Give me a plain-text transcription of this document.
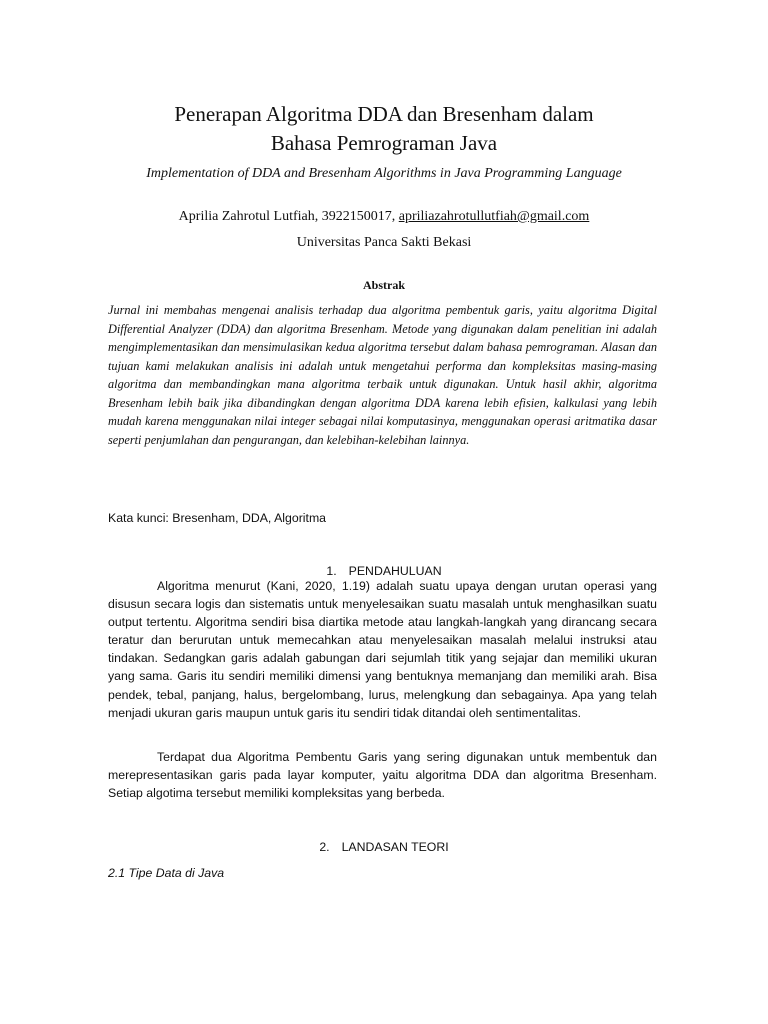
Penerapan Algoritma DDA dan Bresenham dalam
Bahasa Pemrograman Java

Implementation of DDA and Bresenham Algorithms in Java Programming Language

Aprilia Zahrotul Lutfiah, 3922150017, apriliazahrotullutfiah@gmail.com
Universitas Panca Sakti Bekasi
Abstrak

Jurnal ini membahas mengenai analisis terhadap dua algoritma pembentuk garis, yaitu algoritma Digital Differential Analyzer (DDA) dan algoritma Bresenham. Metode yang digunakan dalam penelitian ini adalah mengimplementasikan dan mensimulasikan kedua algoritma tersebut dalam bahasa pemrograman. Alasan dan tujuan kami melakukan analisis ini adalah untuk mengetahui performa dan kompleksitas masing-masing algoritma dan membandingkan mana algoritma terbaik untuk digunakan. Untuk hasil akhir, algoritma Bresenham lebih baik jika dibandingkan dengan algoritma DDA karena lebih efisien, kalkulasi yang lebih mudah karena menggunakan nilai integer sebagai nilai komputasinya, menggunakan operasi aritmatika dasar seperti penjumlahan dan pengurangan, dan kelebihan-kelebihan lainnya.

Kata kunci: Bresenham, DDA, Algoritma
1. PENDAHULUAN

Algoritma menurut (Kani, 2020, 1.19) adalah suatu upaya dengan urutan operasi yang disusun secara logis dan sistematis untuk menyelesaikan suatu masalah untuk menghasilkan suatu output tertentu. Algoritma sendiri bisa diartika metode atau langkah-langkah yang dirancang secara teratur dan berurutan untuk memecahkan atau menyelesaikan masalah melalui instruksi atau tindakan. Sedangkan garis adalah gabungan dari sejumlah titik yang sejajar dan memiliki ukuran yang sama. Garis itu sendiri memiliki dimensi yang bentuknya memanjang dan memiliki arah. Bisa pendek, tebal, panjang, halus, bergelombang, lurus, melengkung dan sebagainya. Apa yang telah menjadi ukuran garis maupun untuk garis itu sendiri tidak ditandai oleh sentimentalitas.

Terdapat dua Algoritma Pembentu Garis yang sering digunakan untuk membentuk dan merepresentasikan garis pada layar komputer, yaitu algoritma DDA dan algoritma Bresenham. Setiap algotima tersebut memiliki kompleksitas yang berbeda.

2. LANDASAN TEORI
2.1 Tipe Data di Java
